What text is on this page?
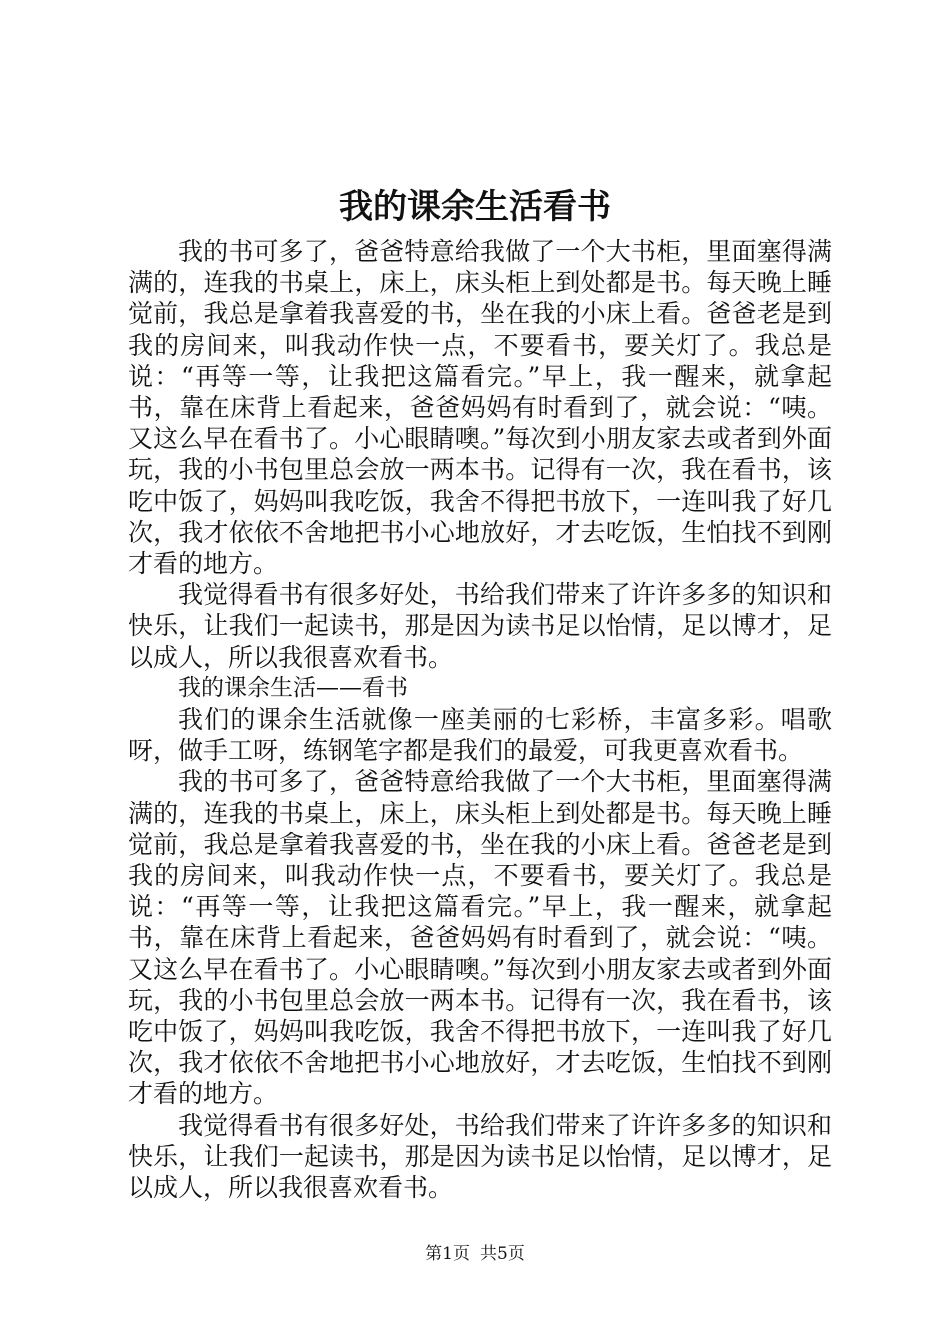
我的课余生活看书

我的书可多了，爸爸特意给我做了一个大书柜，里面塞得满满的，连我的书桌上，床上，床头柜上到处都是书。每天晚上睡觉前，我总是拿着我喜爱的书，坐在我的小床上看。爸爸老是到我的房间来，叫我动作快一点，不要看书，要关灯了。我总是说：“再等一等，让我把这篇看完。”早上，我一醒来，就拿起书，靠在床背上看起来，爸爸妈妈有时看到了，就会说：“咦。又这么早在看书了。小心眼睛噢。”每次到小朋友家去或者到外面玩，我的小书包里总会放一两本书。记得有一次，我在看书，该吃中饭了，妈妈叫我吃饭，我舍不得把书放下，一连叫我了好几次，我才依依不舍地把书小心地放好，才去吃饭，生怕找不到刚才看的地方。

我觉得看书有很多好处，书给我们带来了许许多多的知识和快乐，让我们一起读书，那是因为读书足以怡情，足以博才，足以成人，所以我很喜欢看书。

我的课余生活——看书

我们的课余生活就像一座美丽的七彩桥，丰富多彩。唱歌呀，做手工呀，练钢笔字都是我们的最爱，可我更喜欢看书。

我的书可多了，爸爸特意给我做了一个大书柜，里面塞得满满的，连我的书桌上，床上，床头柜上到处都是书。每天晚上睡觉前，我总是拿着我喜爱的书，坐在我的小床上看。爸爸老是到我的房间来，叫我动作快一点，不要看书，要关灯了。我总是说：“再等一等，让我把这篇看完。”早上，我一醒来，就拿起书，靠在床背上看起来，爸爸妈妈有时看到了，就会说：“咦。又这么早在看书了。小心眼睛噢。”每次到小朋友家去或者到外面玩，我的小书包里总会放一两本书。记得有一次，我在看书，该吃中饭了，妈妈叫我吃饭，我舍不得把书放下，一连叫我了好几次，我才依依不舍地把书小心地放好，才去吃饭，生怕找不到刚才看的地方。

我觉得看书有很多好处，书给我们带来了许许多多的知识和快乐，让我们一起读书，那是因为读书足以怡情，足以博才，足以成人，所以我很喜欢看书。

第1页 共5页
